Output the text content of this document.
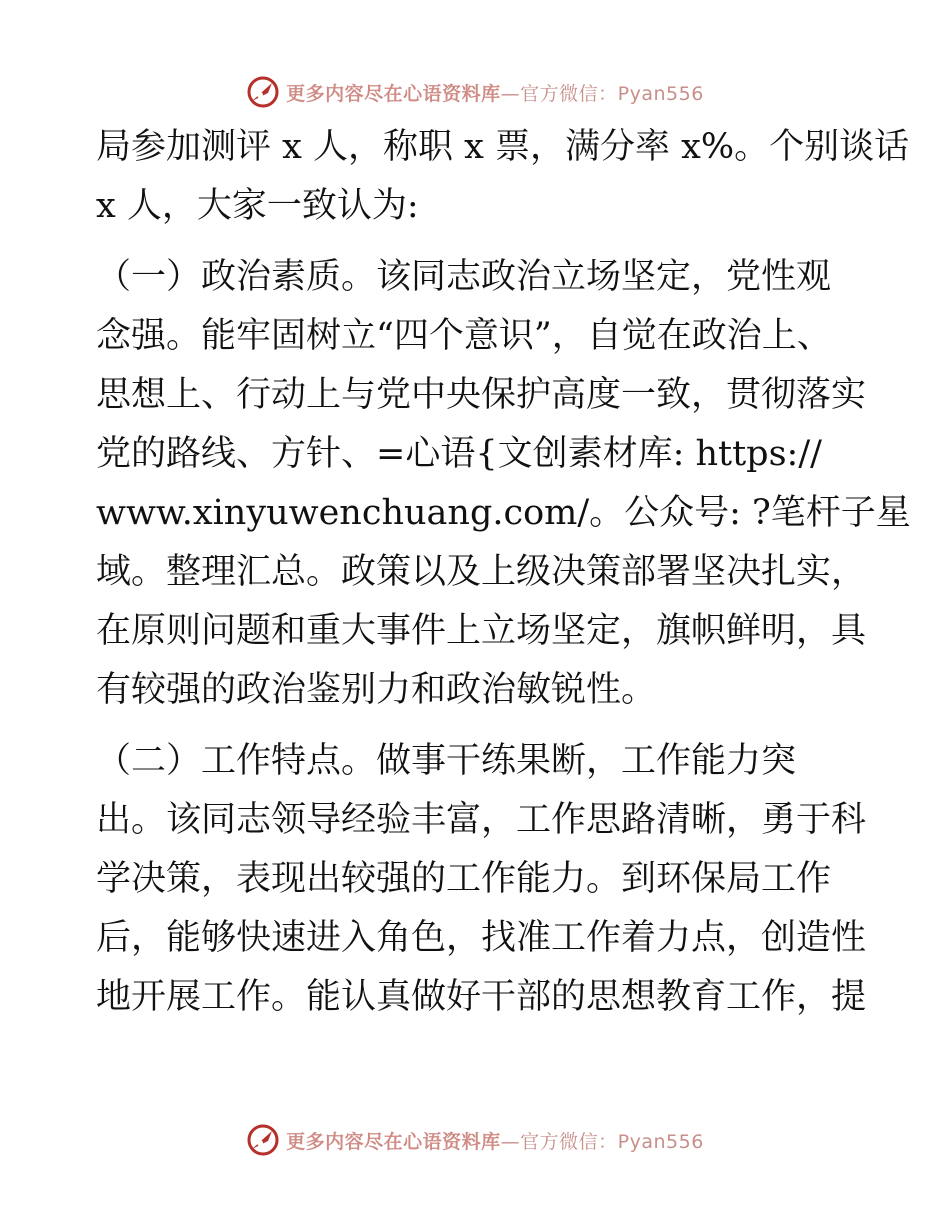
更多内容尽在心语资料库—官方微信：Pyan556
局参加测评 x 人，称职 x 票，满分率 x%。个别谈话
x 人，大家一致认为:
（一）政治素质。该同志政治立场坚定，党性观
念强。能牢固树立“四个意识”，自觉在政治上、
思想上、行动上与党中央保护高度一致，贯彻落实
党的路线、方针、=心语{文创素材库: https://
www.xinyuwenchuang.com/。公众号: ?笔杆子星
域。整理汇总。政策以及上级决策部署坚决扎实，
在原则问题和重大事件上立场坚定，旗帜鲜明，具
有较强的政治鉴别力和政治敏锐性。
（二）工作特点。做事干练果断，工作能力突
出。该同志领导经验丰富，工作思路清晰，勇于科
学决策，表现出较强的工作能力。到环保局工作
后，能够快速进入角色，找准工作着力点，创造性
地开展工作。能认真做好干部的思想教育工作，提
更多内容尽在心语资料库—官方微信：Pyan556
